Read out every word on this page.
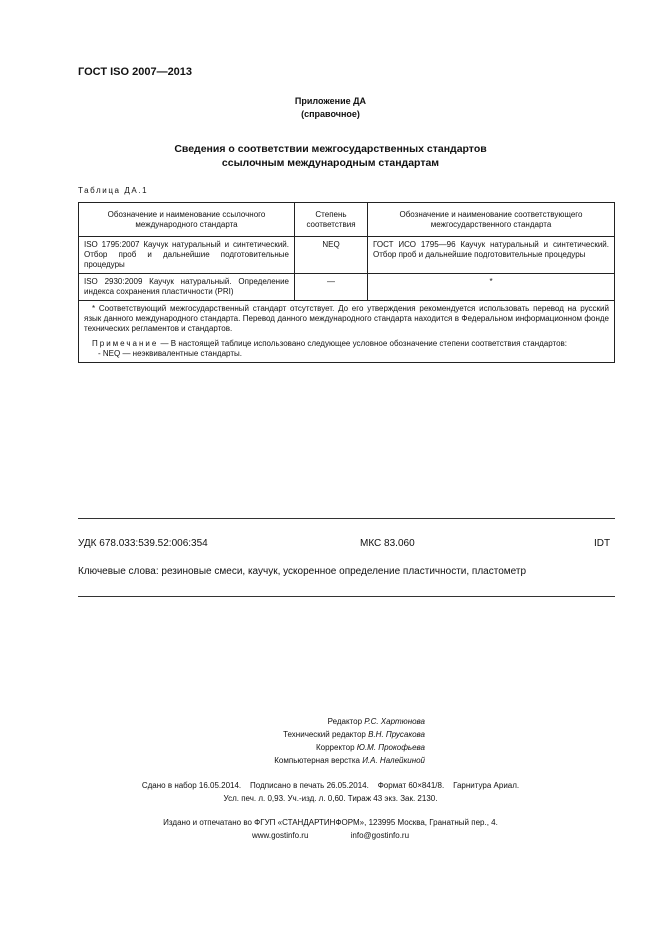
ГОСТ ISO 2007—2013
Приложение ДА
(справочное)
Сведения о соответствии межгосударственных стандартов
ссылочным международным стандартам
Таблица ДА.1
Обозначение и наименование ссылочного международного стандарта	Степень соответствия	Обозначение и наименование соответствующего межгосударственного стандарта
ISO 1795:2007 Каучук натуральный и синтетический. Отбор проб и дальнейшие подготовительные процедуры	NEQ	ГОСТ ИСО 1795—96 Каучук натуральный и синтетический. Отбор проб и дальнейшие подготовительные процедуры
ISO 2930:2009 Каучук натуральный. Определение индекса сохранения пластичности (PRI)	—	*

* Соответствующий межгосударственный стандарт отсутствует. До его утверждения рекомендуется использовать перевод на русский язык данного международного стандарта. Перевод данного международного стандарта находится в Федеральном информационном фонде технических регламентов и стандартов.

Примечание — В настоящей таблице использовано следующее условное обозначение степени соответствия стандартов:

- NEQ — неэквивалентные стандарты.		
УДК 678.033:539.52:006:354	МКС 83.060	IDT
Ключевые слова: резиновые смеси, каучук, ускоренное определение пластичности, пластометр
Редактор Р.С. Хартюнова
Технический редактор В.Н. Прусакова
Корректор Ю.М. Прокофьева
Компьютерная верстка И.А. Налейкиной
Сдано в набор 16.05.2014. Подписано в печать 26.05.2014. Формат 60×841/8.    Гарнитура Ариал.
Усл. печ. л. 0,93. Уч.-изд. л. 0,60. Тираж 43 экз. Зак. 2130.
Издано и отпечатано во ФГУП «СТАНДАРТИНФОРМ», 123995 Москва, Гранатный пер., 4.
www.gostinfo.ru	info@gostinfo.ru
